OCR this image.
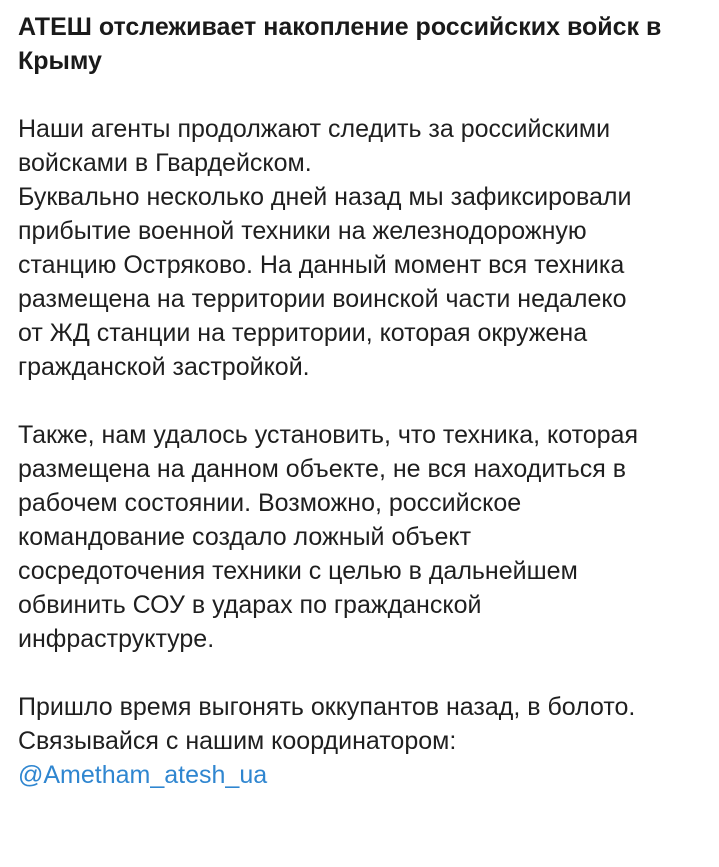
АТЕШ отслеживает накопление российских войск в Крыму
Наши агенты продолжают следить за российскими
войсками в Гвардейском.
Буквально несколько дней назад мы зафиксировали
прибытие военной техники на железнодорожную
станцию Остряково. На данный момент вся техника
размещена на территории воинской части недалеко
от ЖД станции на территории, которая окружена
гражданской застройкой.
Также, нам удалось установить, что техника, которая
размещена на данном объекте, не вся находиться в
рабочем состоянии. Возможно, российское
командование создало ложный объект
сосредоточения техники с целью в дальнейшем
обвинить СОУ в ударах по гражданской
инфраструктуре.
Пришло время выгонять оккупантов назад, в болото.
Связывайся с нашим координатором:
@Ametham_atesh_ua
